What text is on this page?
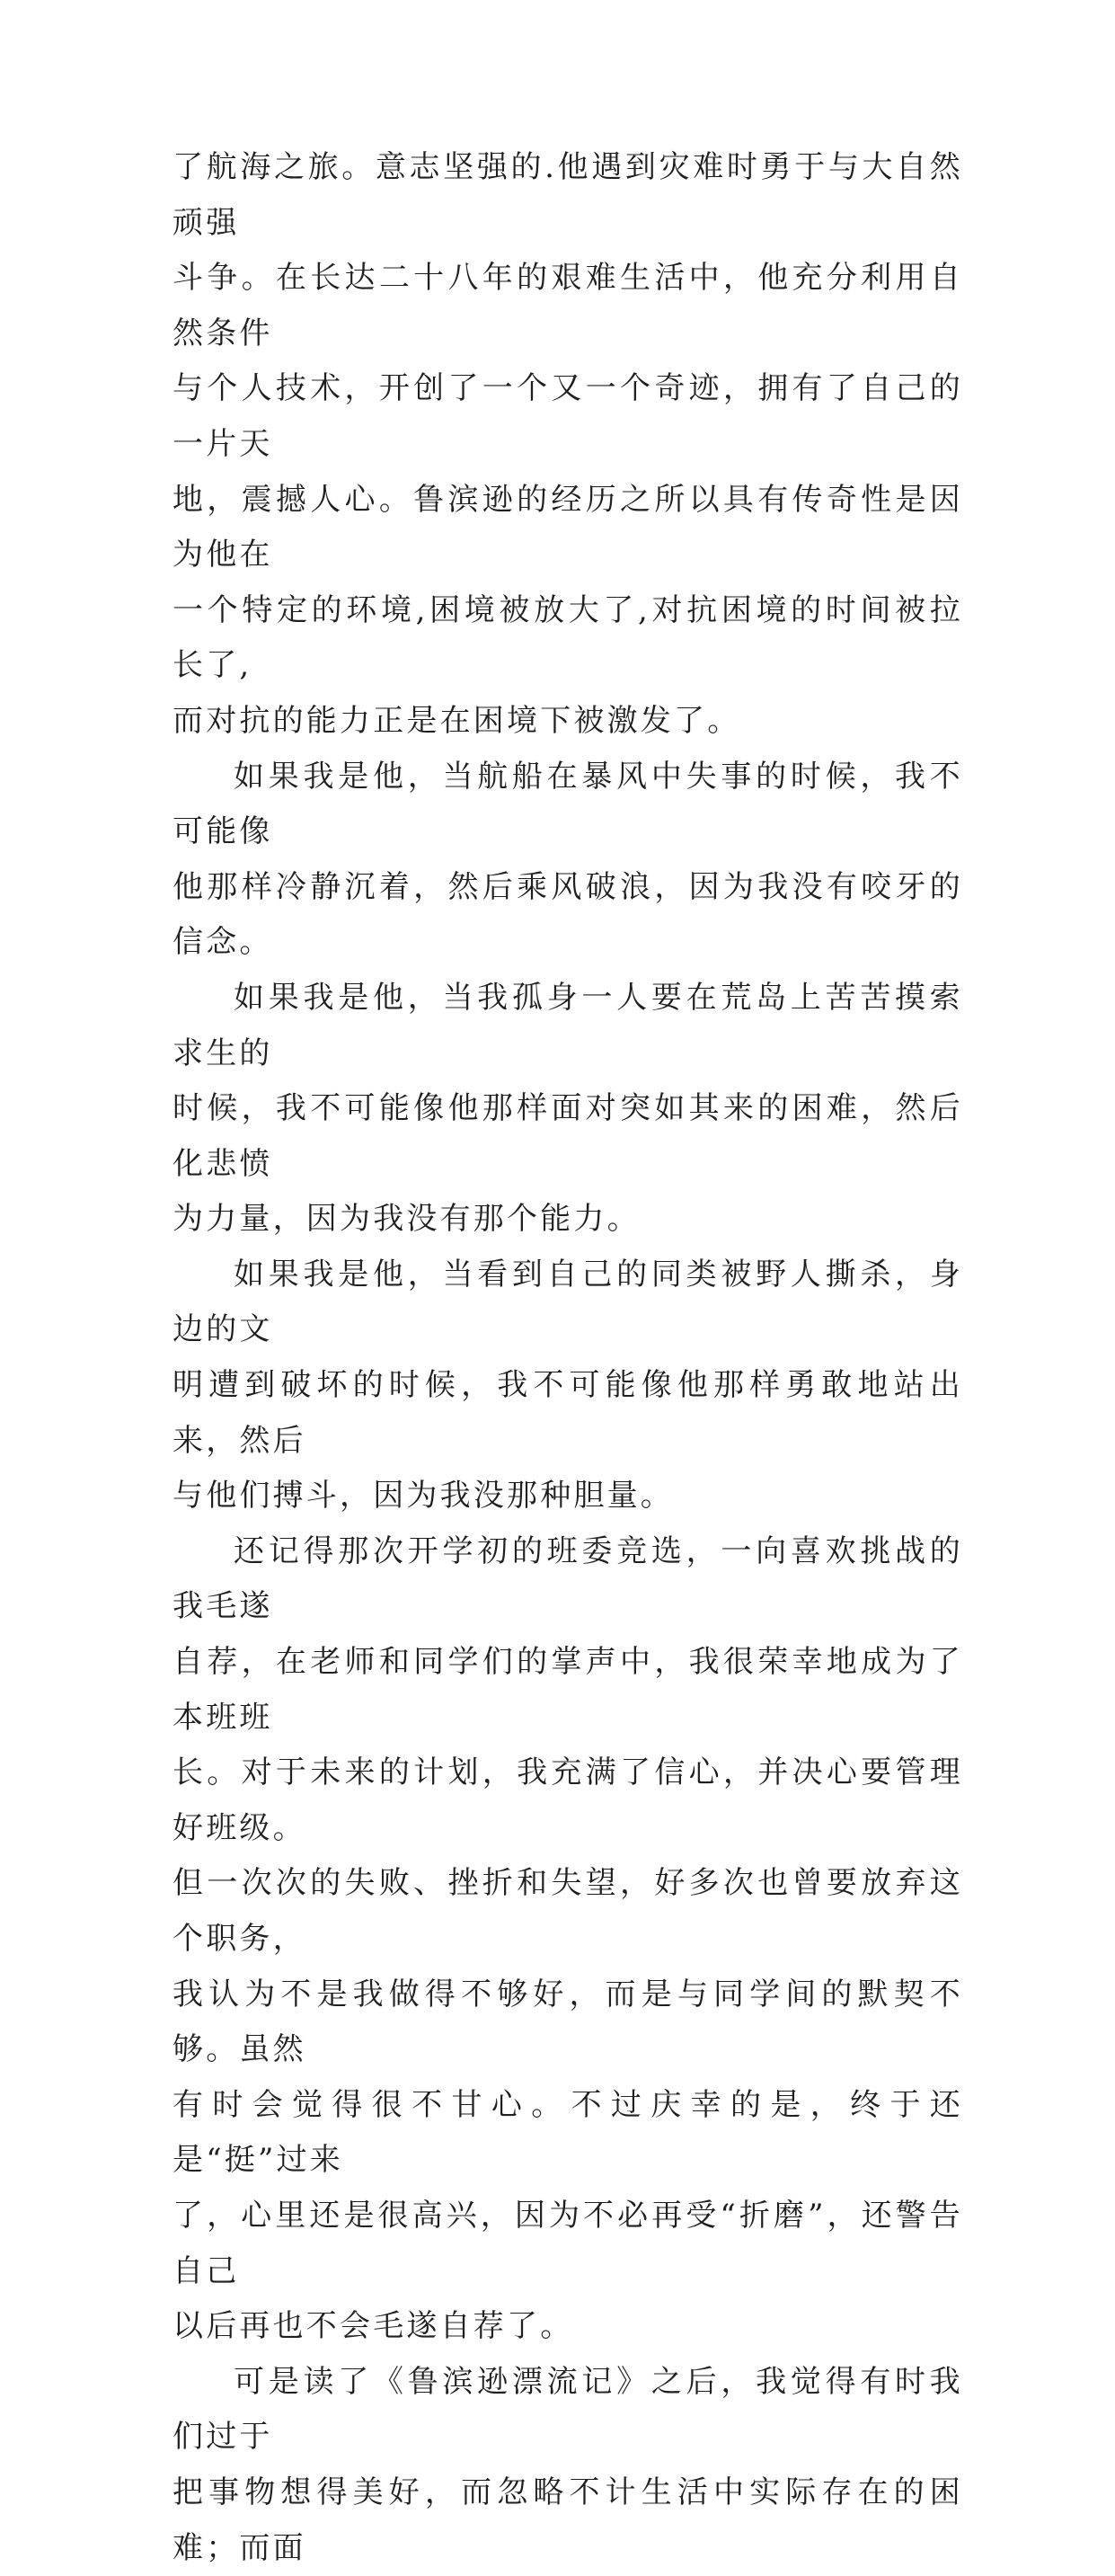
了航海之旅。意志坚强的.他遇到灾难时勇于与大自然顽强
斗争。在长达二十八年的艰难生活中，他充分利用自然条件
与个人技术，开创了一个又一个奇迹，拥有了自己的一片天
地，震撼人心。鲁滨逊的经历之所以具有传奇性是因为他在
一个特定的环境,困境被放大了,对抗困境的时间被拉长了,
而对抗的能力正是在困境下被激发了。

如果我是他，当航船在暴风中失事的时候，我不可能像
他那样冷静沉着，然后乘风破浪，因为我没有咬牙的信念。

如果我是他，当我孤身一人要在荒岛上苦苦摸索求生的
时候，我不可能像他那样面对突如其来的困难，然后化悲愤
为力量，因为我没有那个能力。

如果我是他，当看到自己的同类被野人撕杀，身边的文
明遭到破坏的时候，我不可能像他那样勇敢地站出来，然后
与他们搏斗，因为我没那种胆量。

还记得那次开学初的班委竞选，一向喜欢挑战的我毛遂
自荐，在老师和同学们的掌声中，我很荣幸地成为了本班班
长。对于未来的计划，我充满了信心，并决心要管理好班级。
但一次次的失败、挫折和失望，好多次也曾要放弃这个职务，
我认为不是我做得不够好，而是与同学间的默契不够。虽然
有时会觉得很不甘心。不过庆幸的是，终于还是“挺”过来
了，心里还是很高兴，因为不必再受“折磨”，还警告自己
以后再也不会毛遂自荐了。

可是读了《鲁滨逊漂流记》之后，我觉得有时我们过于
把事物想得美好，而忽略不计生活中实际存在的困难；而面
